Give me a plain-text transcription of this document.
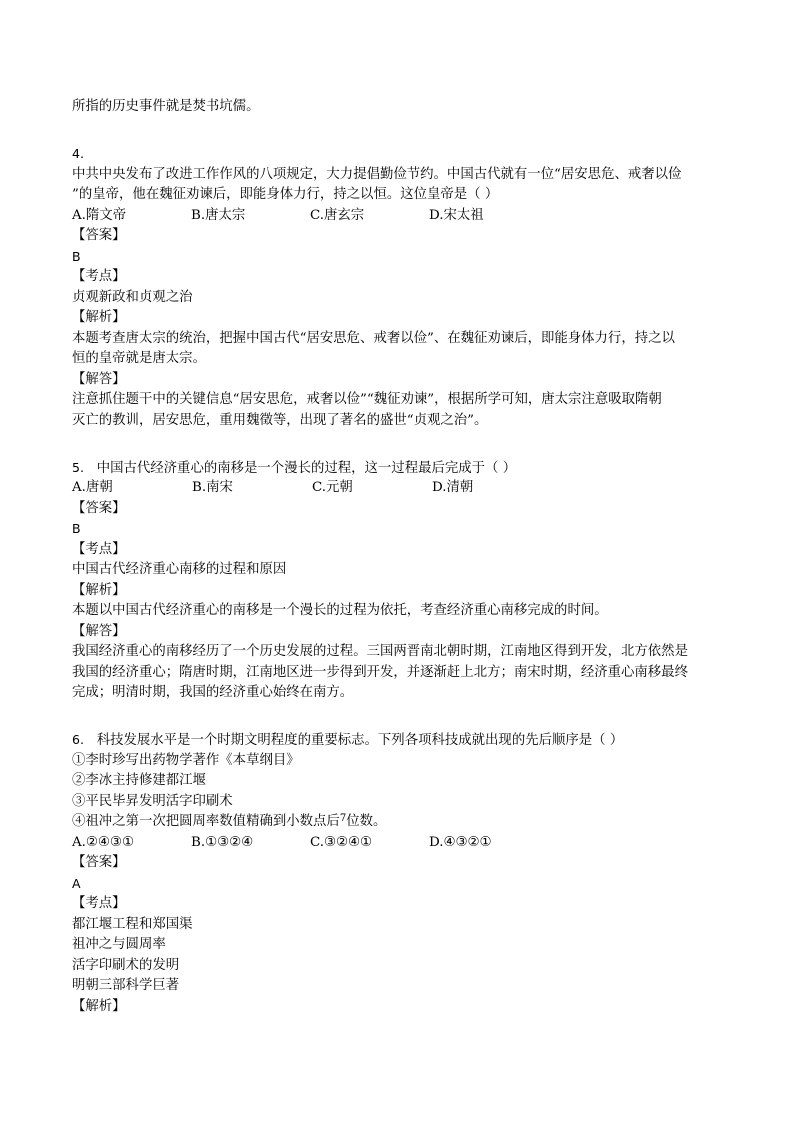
所指的历史事件就是焚书坑儒。
4.
中共中央发布了改进工作作风的八项规定，大力提倡勤俭节约。中国古代就有一位“居安思危、戒奢以俭
”的皇帝，他在魏征劝谏后，即能身体力行，持之以恒。这位皇帝是（ ）
A.隋文帝	B.唐太宗	C.唐玄宗	D.宋太祖
【答案】
B
【考点】
贞观新政和贞观之治
【解析】
本题考查唐太宗的统治，把握中国古代“居安思危、戒奢以俭”、在魏征劝谏后，即能身体力行，持之以
恒的皇帝就是唐太宗。
【解答】
注意抓住题干中的关键信息“居安思危，戒奢以俭”“魏征劝谏”，根据所学可知，唐太宗注意吸取隋朝
灭亡的教训，居安思危，重用魏徵等，出现了著名的盛世“贞观之治”。
5. 中国古代经济重心的南移是一个漫长的过程，这一过程最后完成于（ ）
A.唐朝	B.南宋	C.元朝	D.清朝
【答案】
B
【考点】
中国古代经济重心南移的过程和原因
【解析】
本题以中国古代经济重心的南移是一个漫长的过程为依托，考查经济重心南移完成的时间。
【解答】
我国经济重心的南移经历了一个历史发展的过程。三国两晋南北朝时期，江南地区得到开发，北方依然是
我国的经济重心；隋唐时期，江南地区进一步得到开发，并逐渐赶上北方；南宋时期，经济重心南移最终
完成；明清时期，我国的经济重心始终在南方。
6. 科技发展水平是一个时期文明程度的重要标志。下列各项科技成就出现的先后顺序是（ ）
①李时珍写出药物学著作《本草纲目》
②李冰主持修建都江堰
③平民毕昇发明活字印刷术
④祖冲之第一次把圆周率数值精确到小数点后$^7$位数。
A.②④③①	B.①③②④	C.③②④①	D.④③②①
【答案】
A
【考点】
都江堰工程和郑国渠
祖冲之与圆周率
活字印刷术的发明
明朝三部科学巨著
【解析】
